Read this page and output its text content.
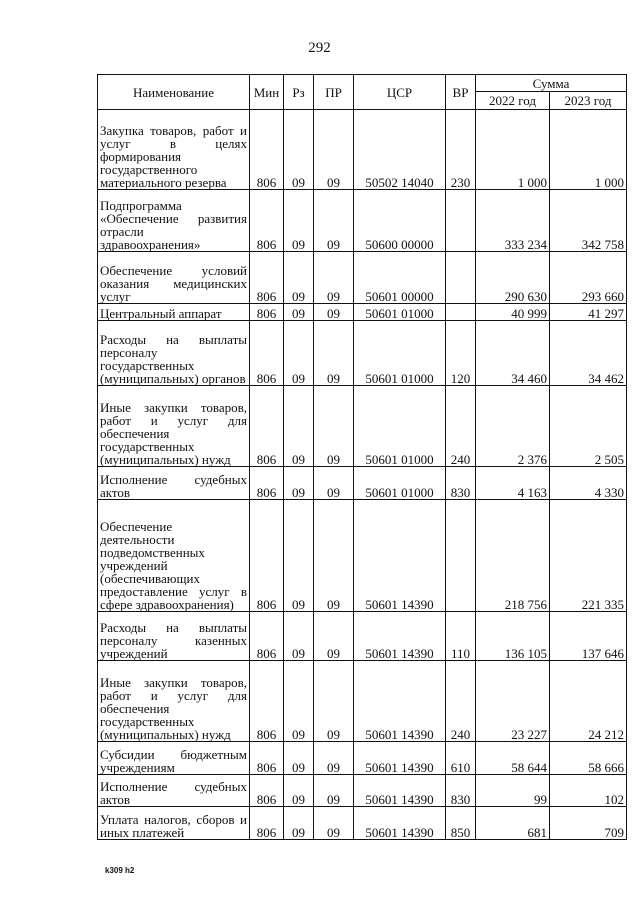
292
Наименование	Мин	Рз	ПР	ЦСР	ВР	Сумма	
						2022 год	2023 год
Закупка товаров, работ и услуг в целях формирования государственного материального резерва	806	09	09	50502 14040	230	1 000	1 000
Подпрограмма «Обеспечение развития отрасли здравоохранения»	806	09	09	50600 00000		333 234	342 758
Обеспечение условий оказания медицинских услуг	806	09	09	50601 00000		290 630	293 660
Центральный аппарат	806	09	09	50601 01000		40 999	41 297
Расходы на выплаты персоналу государственных (муниципальных) органов	806	09	09	50601 01000	120	34 460	34 462
Иные закупки товаров, работ и услуг для обеспечения государственных (муниципальных) нужд	806	09	09	50601 01000	240	2 376	2 505
Исполнение судебных актов	806	09	09	50601 01000	830	4 163	4 330
Обеспечение деятельности подведомственных учреждений (обеспечивающих предоставление услуг в сфере здравоохранения)	806	09	09	50601 14390		218 756	221 335
Расходы на выплаты персоналу казенных учреждений	806	09	09	50601 14390	110	136 105	137 646
Иные закупки товаров, работ и услуг для обеспечения государственных (муниципальных) нужд	806	09	09	50601 14390	240	23 227	24 212
Субсидии бюджетным учреждениям	806	09	09	50601 14390	610	58 644	58 666
Исполнение судебных актов	806	09	09	50601 14390	830	99	102
Уплата налогов, сборов и иных платежей	806	09	09	50601 14390	850	681	709
k309 h2
